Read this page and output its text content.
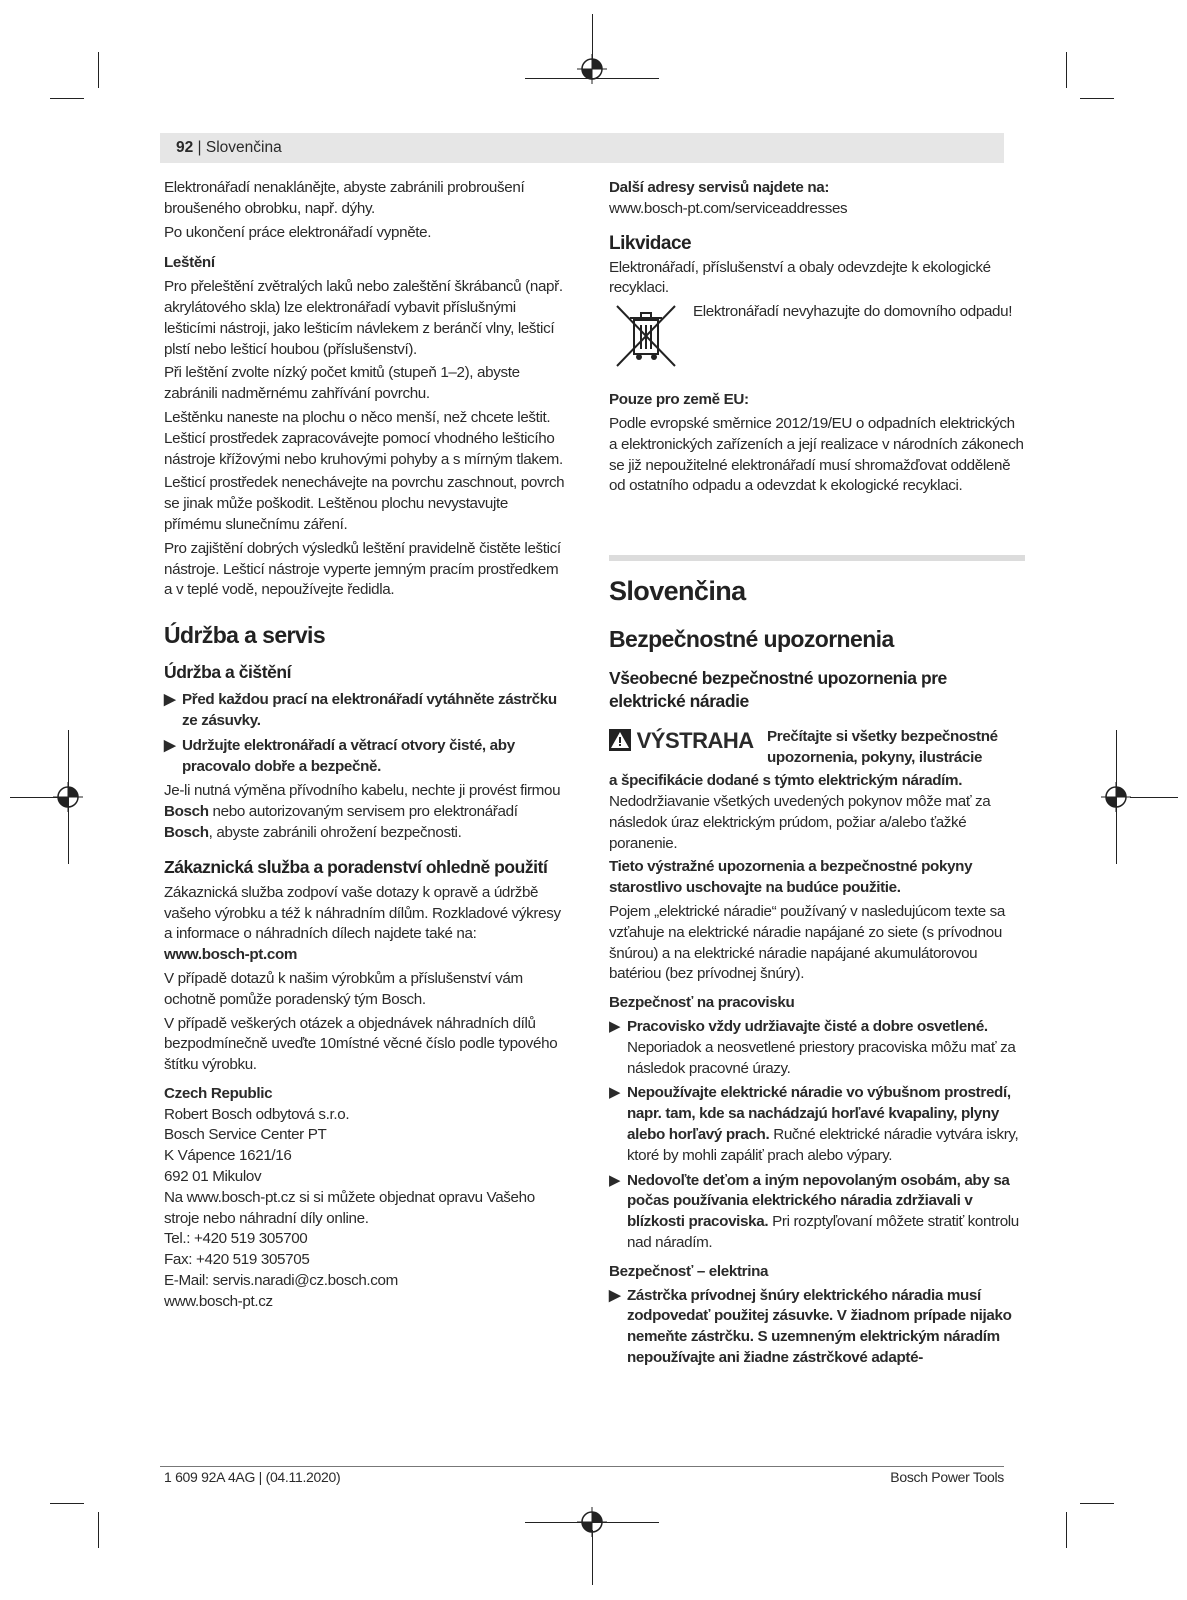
92 | Slovenčina

Elektronářadí nenaklánějte, abyste zabránili probroušení broušeného obrobku, např. dýhy.

Po ukončení práce elektronářadí vypněte.

Leštění

Pro přeleštění zvětralých laků nebo zaleštění škrábanců (např. akrylátového skla) lze elektronářadí vybavit příslušnými lešticími nástroji, jako lešticím návlekem z beránčí vlny, lešticí plstí nebo lešticí houbou (příslušenství).

Při leštění zvolte nízký počet kmitů (stupeň 1–2), abyste zabránili nadměrnému zahřívání povrchu.

Leštěnku naneste na plochu o něco menší, než chcete leštit. Lešticí prostředek zapracovávejte pomocí vhodného lešticího nástroje křížovými nebo kruhovými pohyby a s mírným tlakem.

Lešticí prostředek nenechávejte na povrchu zaschnout, povrch se jinak může poškodit. Leštěnou plochu nevystavujte přímému slunečnímu záření.

Pro zajištění dobrých výsledků leštění pravidelně čistěte lešticí nástroje. Lešticí nástroje vyperte jemným pracím prostředkem a v teplé vodě, nepoužívejte ředidla.

Údržba a servis
Údržba a čištění
▶ Před každou prací na elektronářadí vytáhněte zástrčku ze zásuvky.
▶ Udržujte elektronářadí a větrací otvory čisté, aby pracovalo dobře a bezpečně.

Je-li nutná výměna přívodního kabelu, nechte ji provést firmou Bosch nebo autorizovaným servisem pro elektronářadí Bosch, abyste zabránili ohrožení bezpečnosti.

Zákaznická služba a poradenství ohledně použití

Zákaznická služba zodpoví vaše dotazy k opravě a údržbě vašeho výrobku a též k náhradním dílům. Rozkladové výkresy a informace o náhradních dílech najdete také na:

www.bosch-pt.com

V případě dotazů k našim výrobkům a příslušenství vám ochotně pomůže poradenský tým Bosch.

V případě veškerých otázek a objednávek náhradních dílů bezpodmínečně uveďte 10místné věcné číslo podle typového štítku výrobku.

Czech Republic
Robert Bosch odbytová s.r.o.
Bosch Service Center PT
K Vápence 1621/16
692 01 Mikulov
Na www.bosch-pt.cz si si můžete objednat opravu Vašeho stroje nebo náhradní díly online.
Tel.: +420 519 305700
Fax: +420 519 305705
E-Mail: servis.naradi@cz.bosch.com
www.bosch-pt.cz
Další adresy servisů najdete na:

www.bosch-pt.com/serviceaddresses

Likvidace

Elektronářadí, příslušenství a obaly odevzdejte k ekologické recyklaci.

Elektronářadí nevyhazujte do domovního odpadu!
Pouze pro země EU:

Podle evropské směrnice 2012/19/EU o odpadních elektrických a elektronických zařízeních a její realizace v národních zákonech se již nepoužitelné elektronářadí musí shromažďovat odděleně od ostatního odpadu a odevzdat k ekologické recyklaci.

Slovenčina
Bezpečnostné upozornenia
Všeobecné bezpečnostné upozornenia pre elektrické náradie
VÝSTRAHA Prečítajte si všetky bezpečnostné upozornenia, pokyny, ilustrácie
a špecifikácie dodané s týmto elektrickým náradím.

Nedodržiavanie všetkých uvedených pokynov môže mať za následok úraz elektrickým prúdom, požiar a/alebo ťažké poranenie.

Tieto výstražné upozornenia a bezpečnostné pokyny starostlivo uschovajte na budúce použitie.

Pojem „elektrické náradie“ používaný v nasledujúcom texte sa vzťahuje na elektrické náradie napájané zo siete (s prívodnou šnúrou) a na elektrické náradie napájané akumulátorovou batériou (bez prívodnej šnúry).

Bezpečnosť na pracovisku
▶ Pracovisko vždy udržiavajte čisté a dobre osvetlené. Neporiadok a neosvetlené priestory pracoviska môžu mať za následok pracovné úrazy.
▶ Nepoužívajte elektrické náradie vo výbušnom prostredí, napr. tam, kde sa nachádzajú horľavé kvapaliny, plyny alebo horľavý prach. Ručné elektrické náradie vytvára iskry, ktoré by mohli zapáliť prach alebo výpary.
▶ Nedovoľte deťom a iným nepovolaným osobám, aby sa počas používania elektrického náradia zdržiavali v blízkosti pracoviska. Pri rozptyľovaní môžete stratiť kontrolu nad náradím.
Bezpečnosť – elektrina
▶ Zástrčka prívodnej šnúry elektrického náradia musí zodpovedať použitej zásuvke. V žiadnom prípade nijako nemeňte zástrčku. S uzemneným elektrickým náradím nepoužívajte ani žiadne zástrčkové adapté-
1 609 92A 4AG | (04.11.2020)	Bosch Power Tools
